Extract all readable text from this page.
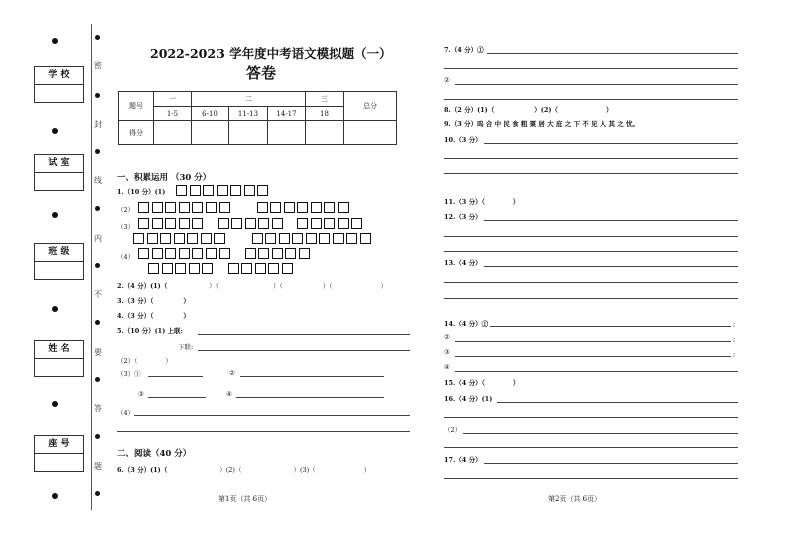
学 校
试 室
班 级
姓 名
座 号
密
封
线
内
不
要
答
题
2022-2023 学年度中考语文模拟题（一）
答卷
题号	一	二			三	总分
	1-5	6-10	11-13	14-17	18	
得分						
一、积累运用 （30 分）
1.（10 分）(1)
（2）
（3）
（4）
2.（4 分）(1)（	）（	）（	）（	）
3.（3 分）（	）
4.（3 分）（	）
5.（10 分）(1) 上联:
下联:
（2）（	）
（3）①	②
③	④
（4）
二、阅读（40 分）
6.（3 分）(1)（	）(2)（	）(3)（	）
第1页（共 6页）
7.（4 分）①
②
8.（2 分）(1)（	）(2)（	）
9.（3 分）呜 合 中 民 食 粗 粟 居 大 庇 之 下 不 见 人 其 之 忧。
10.（3 分）
11.（3 分）（	）
12.（3 分）
13.（4 分）
14.（4 分）①	;
②	;
③	;
④
15.（4 分）（	）
16.（4 分）(1)
（2）
17.（4 分）
第2页（共 6页）
